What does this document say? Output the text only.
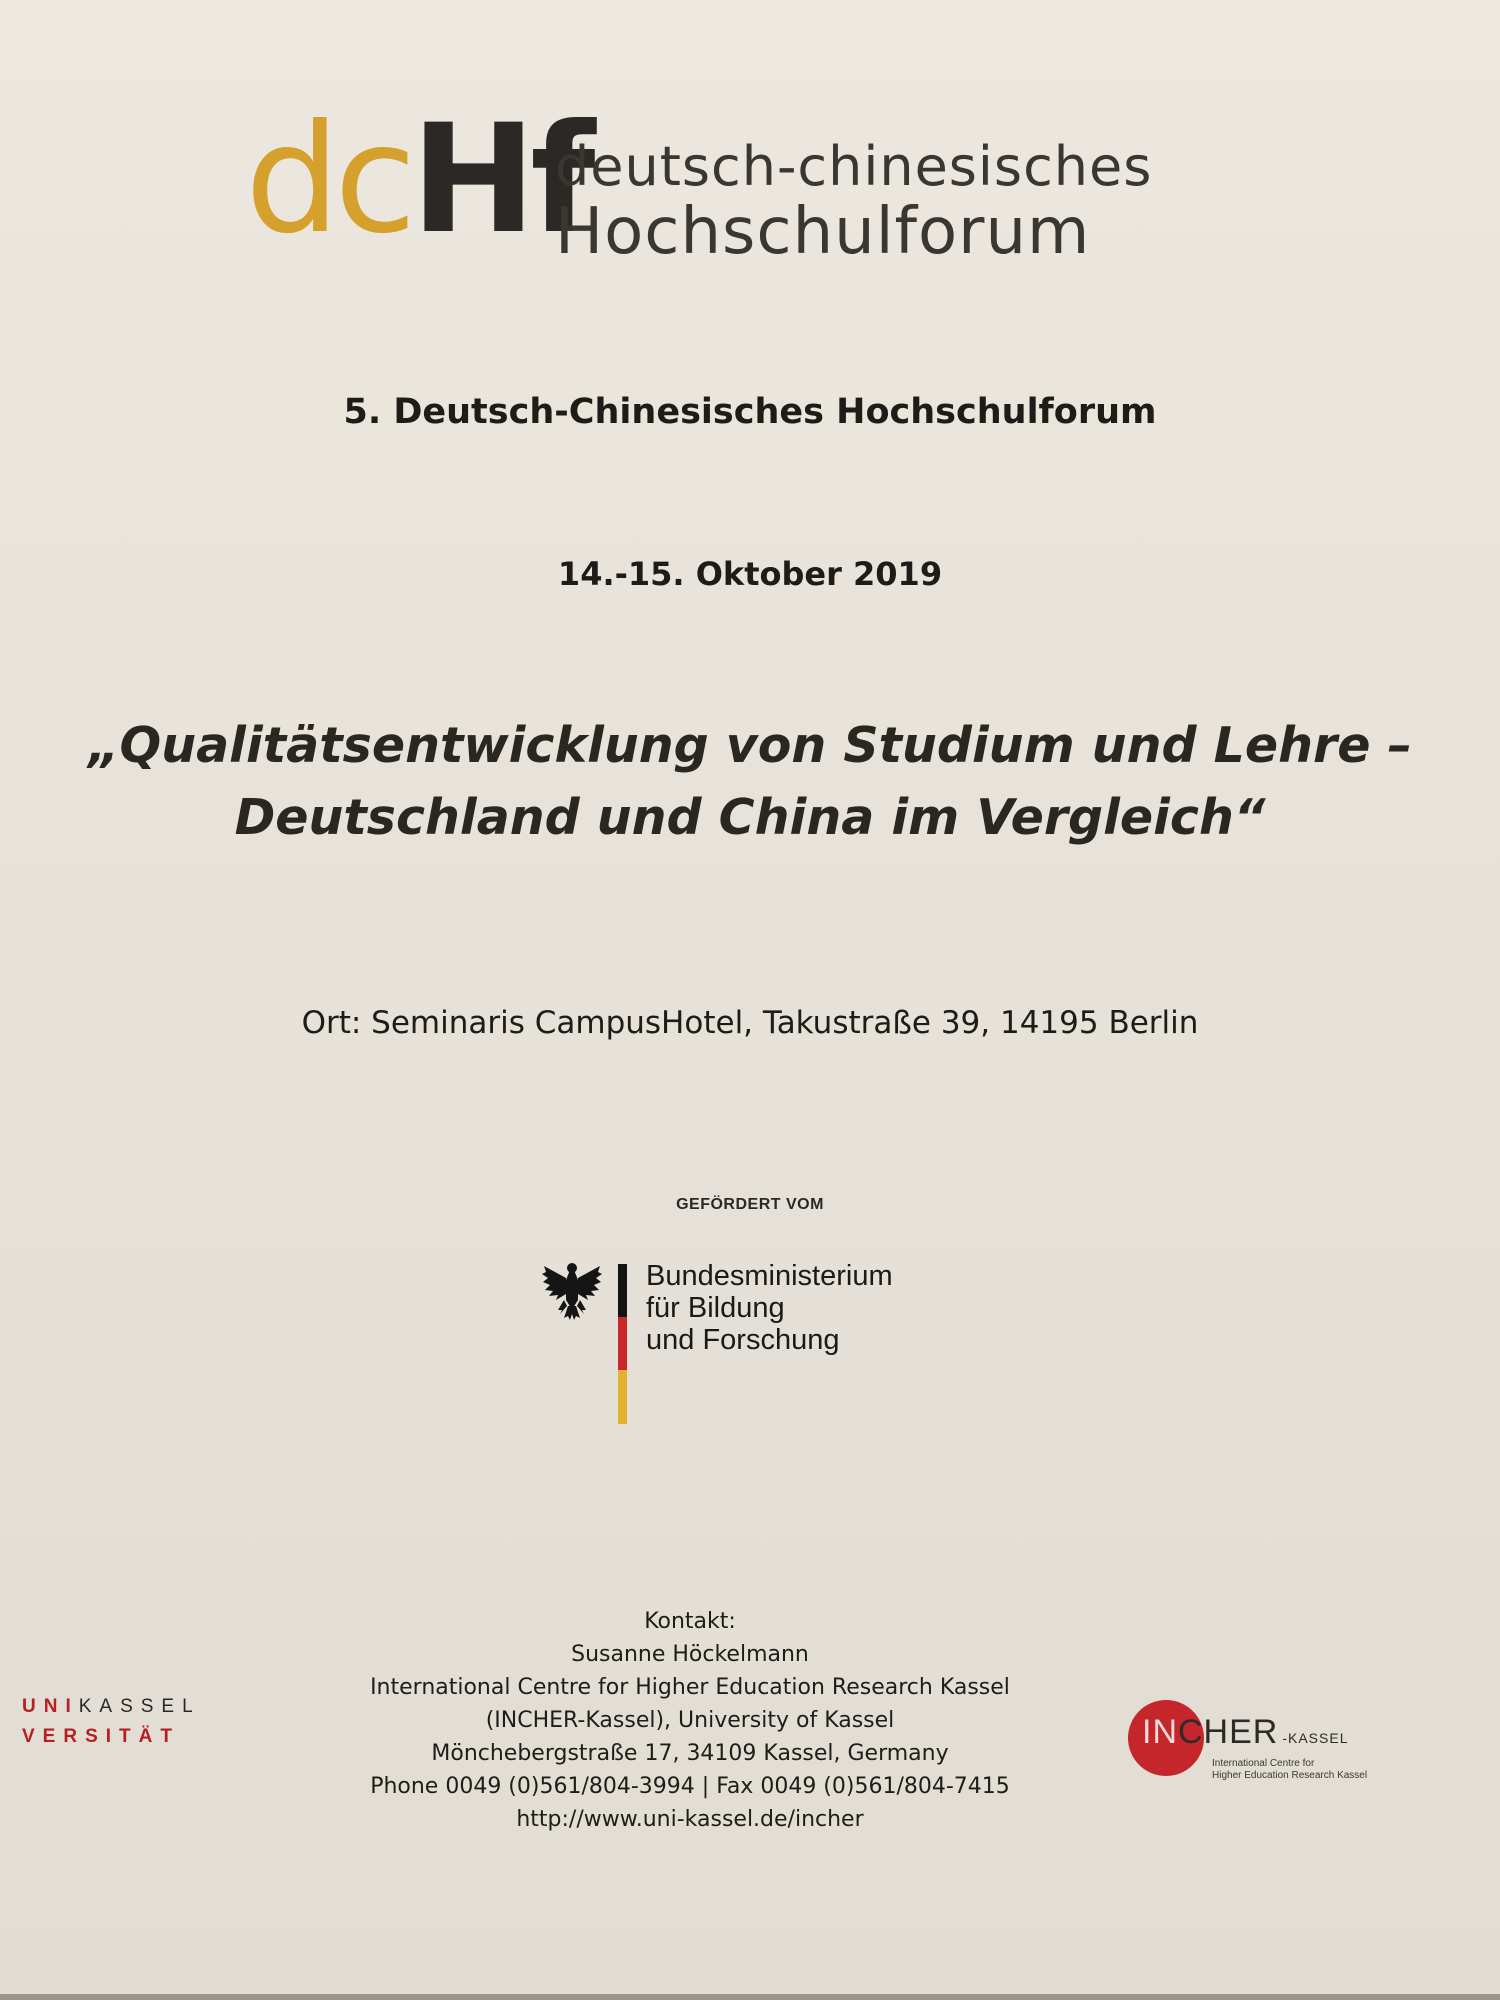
dcHf
deutsch-chinesisches
Hochschulforum
5. Deutsch-Chinesisches Hochschulforum
14.-15. Oktober 2019
„Qualitätsentwicklung von Studium und Lehre –
Deutschland und China im Vergleich“
Ort: Seminaris CampusHotel, Takustraße 39, 14195 Berlin
GEFÖRDERT VOM
Bundesministerium
für Bildung
und Forschung
Kontakt:
Susanne Höckelmann
International Centre for Higher Education Research Kassel
(INCHER-Kassel), University of Kassel
Mönchebergstraße 17, 34109 Kassel, Germany
Phone 0049 (0)561/804-3994 | Fax 0049 (0)561/804-7415
http://www.uni-kassel.de/incher
UNIKASSEL
VERSITÄT	INCHER -KASSEL
International Centre for
Higher Education Research Kassel
